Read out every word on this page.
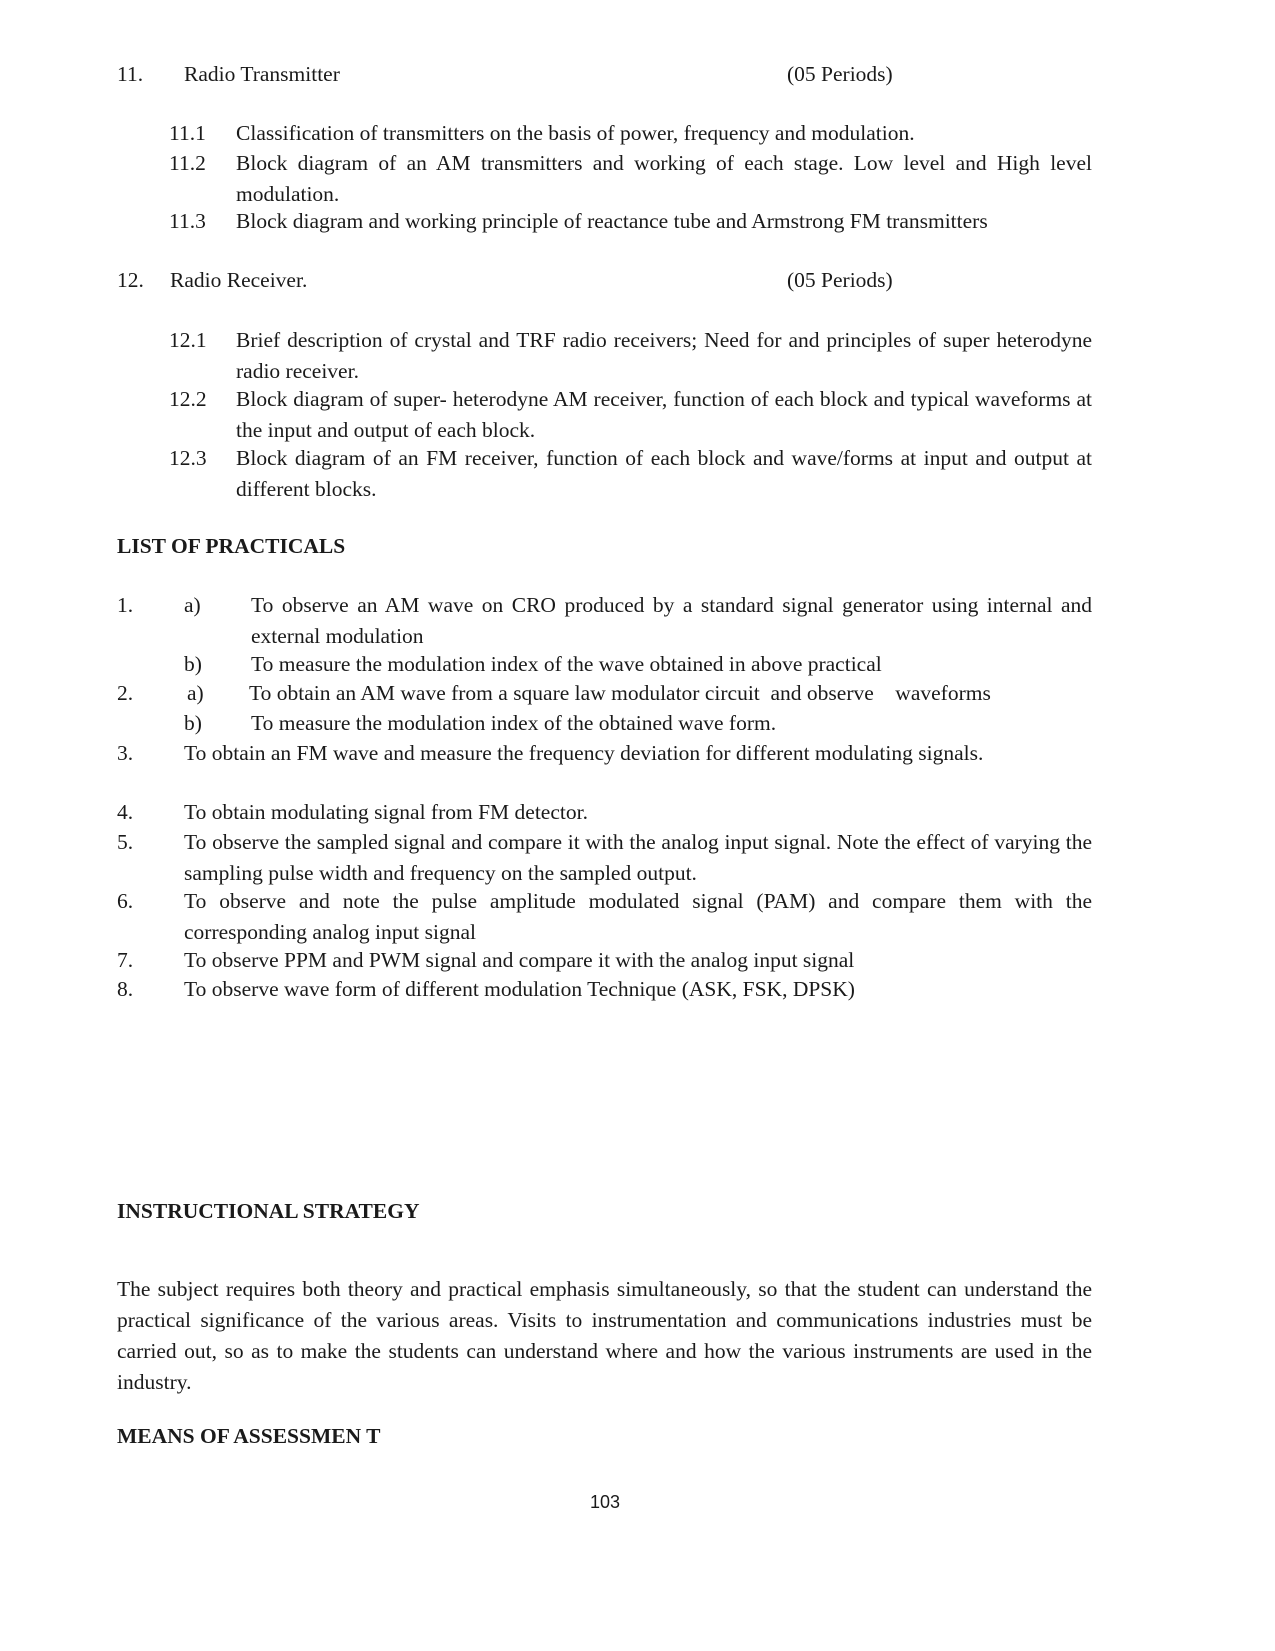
11. Radio Transmitter	(05 Periods)
11.1 Classification of transmitters on the basis of power, frequency and modulation.
11.2 Block diagram of an AM transmitters and working of each stage. Low level and High level modulation.
11.3 Block diagram and working principle of reactance tube and Armstrong FM transmitters
12. Radio Receiver.	(05 Periods)
12.1 Brief description of crystal and TRF radio receivers; Need for and principles of super heterodyne radio receiver.
12.2 Block diagram of super- heterodyne AM receiver, function of each block and typical waveforms at the input and output of each block.
12.3 Block diagram of an FM receiver, function of each block and wave/forms at input and output at different blocks.
LIST OF PRACTICALS
1. a) To observe an AM wave on CRO produced by a standard signal generator using internal and external modulation
b) To measure the modulation index of the wave obtained in above practical
2.	a) To obtain an AM wave from a square law modulator circuit  and observe    waveforms
b) To measure the modulation index of the obtained wave form.
3. To obtain an FM wave and measure the frequency deviation for different modulating signals.
4. To obtain modulating signal from FM detector.
5. To observe the sampled signal and compare it with the analog input signal. Note the effect of varying the sampling pulse width and frequency on the sampled output.
6. To observe and note the pulse amplitude modulated signal (PAM) and compare them with the corresponding analog input signal
7. To observe PPM and PWM signal and compare it with the analog input signal
8. To observe wave form of different modulation Technique (ASK, FSK, DPSK)
INSTRUCTIONAL STRATEGY
The subject requires both theory and practical emphasis simultaneously, so that the student can understand the practical significance of the various areas. Visits to instrumentation and communications industries must be carried out, so as to make the students can understand where and how the various instruments are used in the industry.
MEANS OF ASSESSMEN T
103
